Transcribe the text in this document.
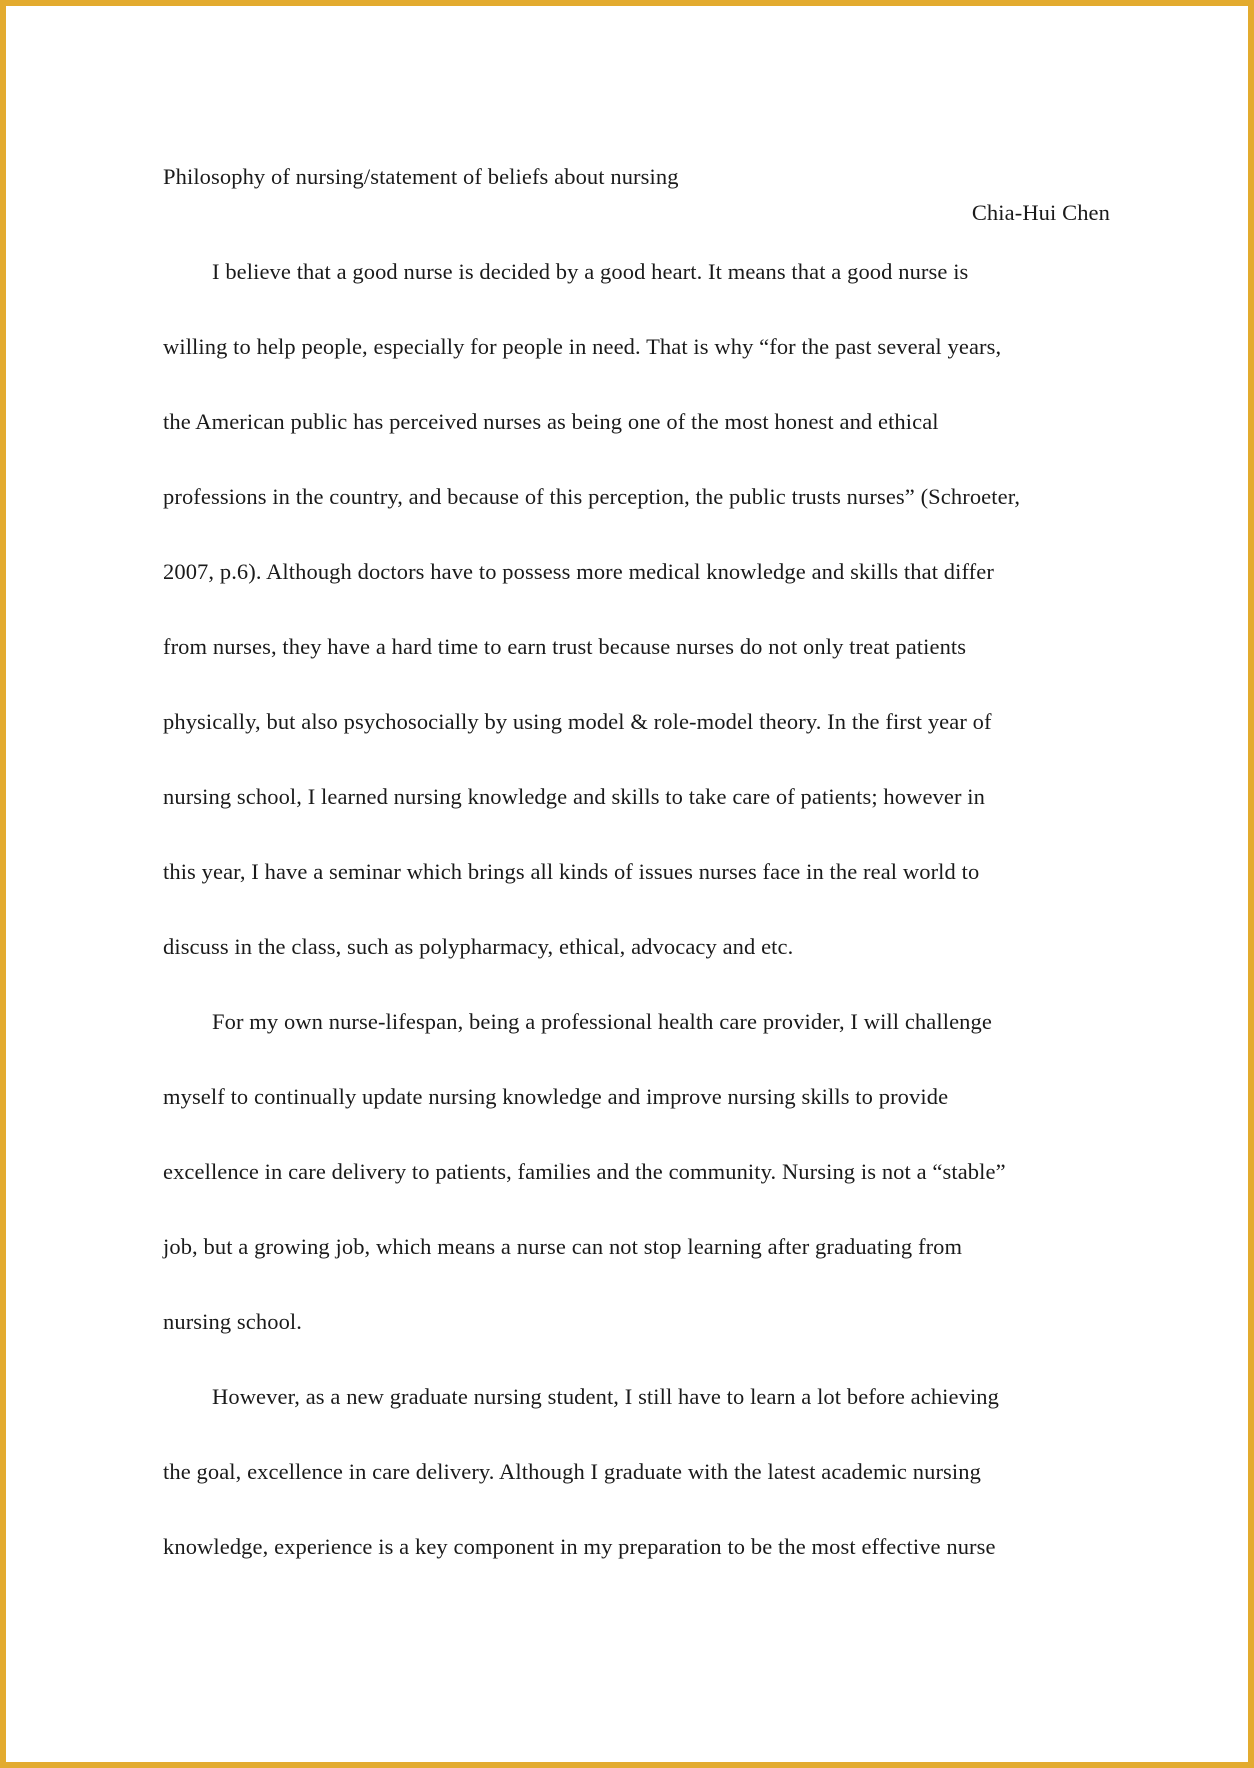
Philosophy of nursing/statement of beliefs about nursing

Chia-Hui Chen

I believe that a good nurse is decided by a good heart. It means that a good nurse is
willing to help people, especially for people in need. That is why “for the past several years,
the American public has perceived nurses as being one of the most honest and ethical
professions in the country, and because of this perception, the public trusts nurses” (Schroeter,
2007, p.6). Although doctors have to possess more medical knowledge and skills that differ
from nurses, they have a hard time to earn trust because nurses do not only treat patients
physically, but also psychosocially by using model & role-model theory. In the first year of
nursing school, I learned nursing knowledge and skills to take care of patients; however in
this year, I have a seminar which brings all kinds of issues nurses face in the real world to
discuss in the class, such as polypharmacy, ethical, advocacy and etc.

For my own nurse-lifespan, being a professional health care provider, I will challenge
myself to continually update nursing knowledge and improve nursing skills to provide
excellence in care delivery to patients, families and the community. Nursing is not a “stable”
job, but a growing job, which means a nurse can not stop learning after graduating from
nursing school.

However, as a new graduate nursing student, I still have to learn a lot before achieving
the goal, excellence in care delivery. Although I graduate with the latest academic nursing
knowledge, experience is a key component in my preparation to be the most effective nurse
